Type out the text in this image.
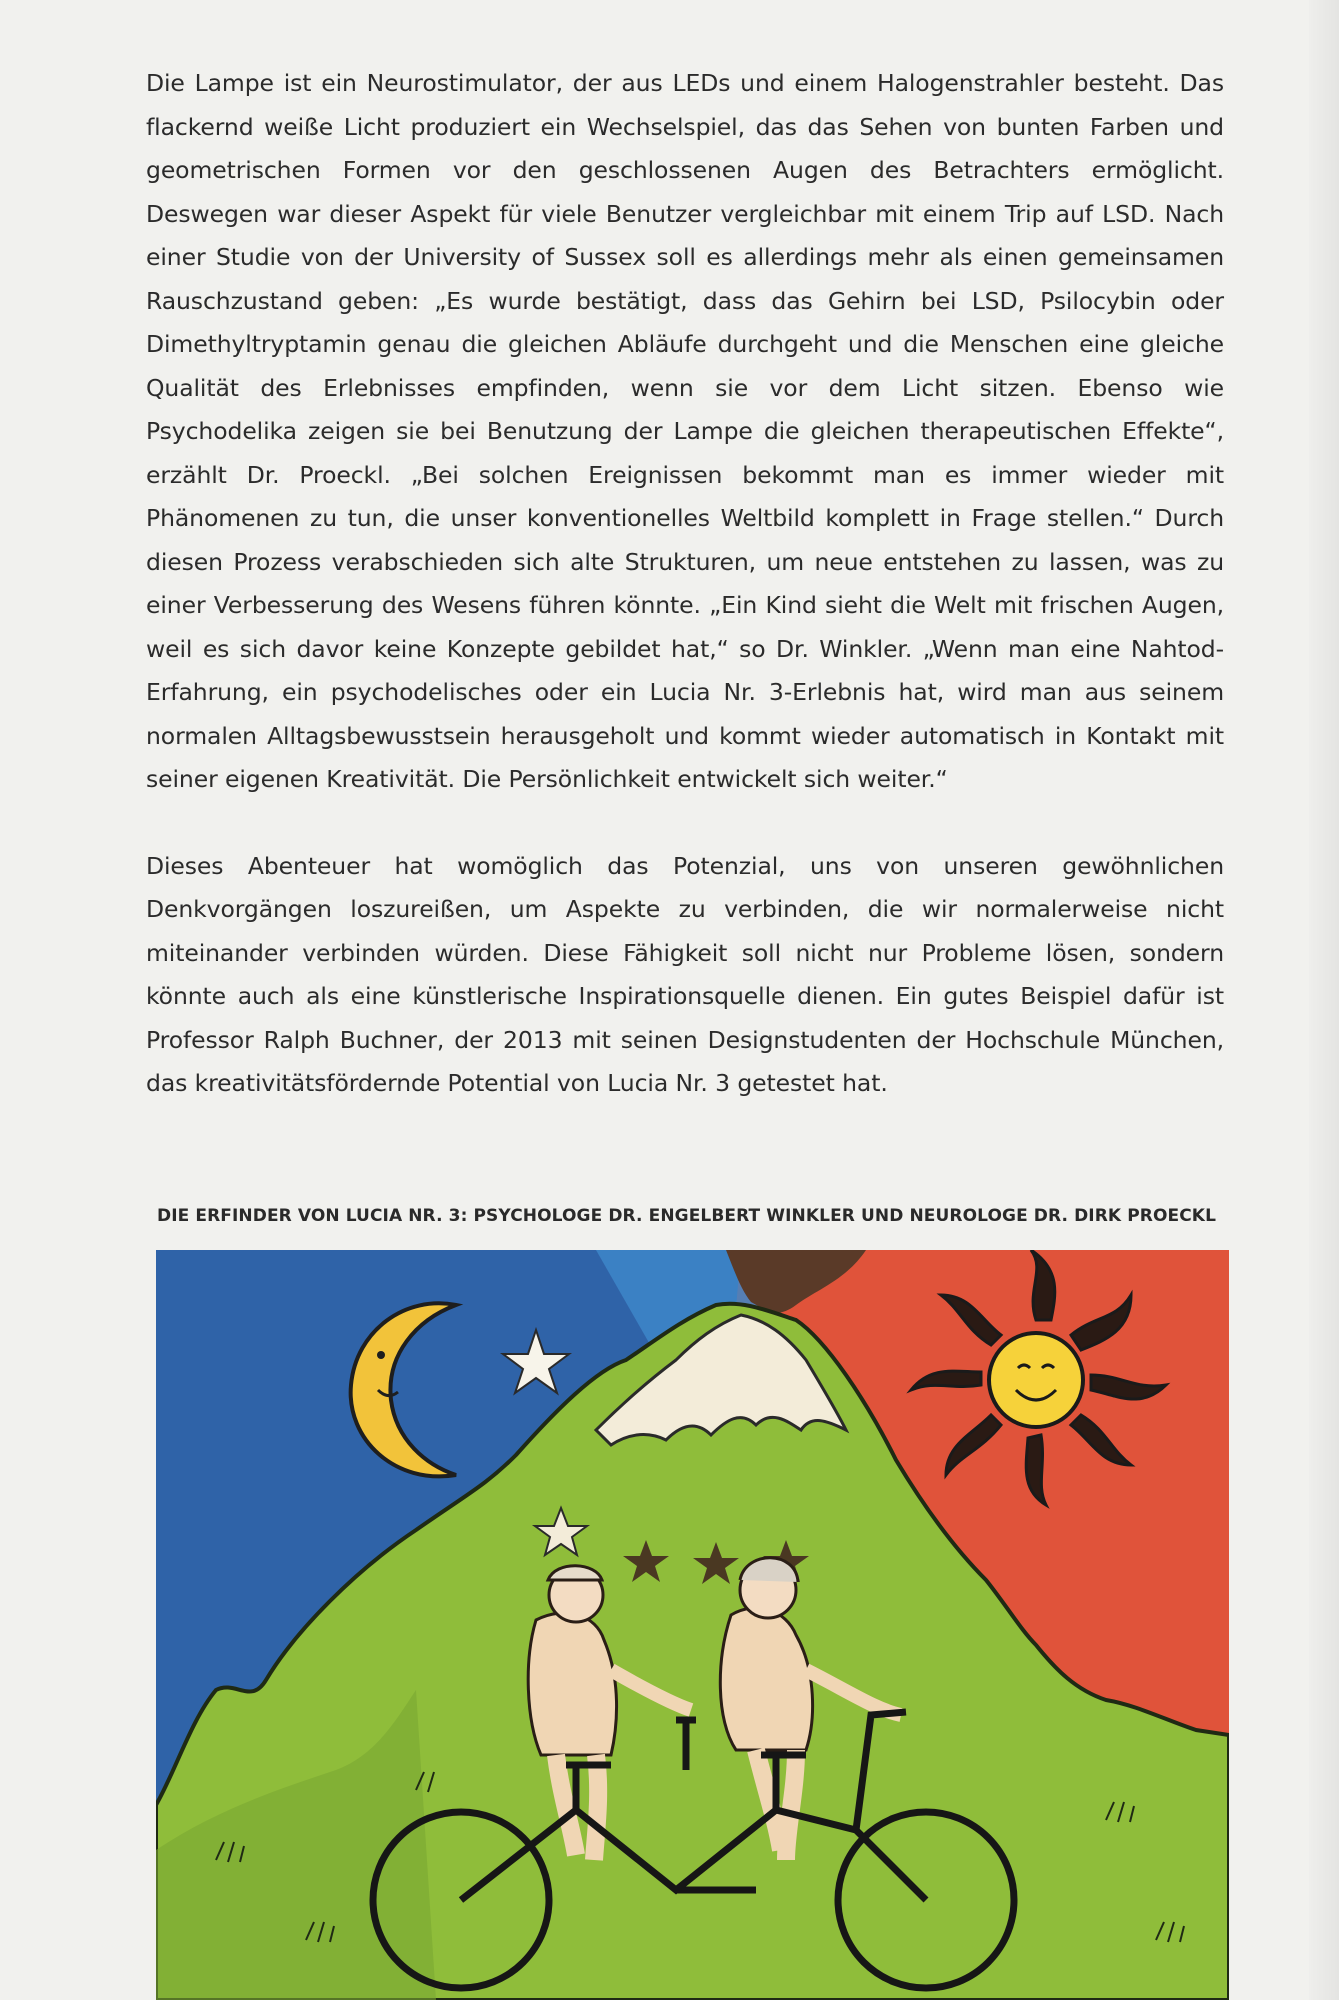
Die Lampe ist ein Neurostimulator, der aus LEDs und einem Halogenstrahler besteht. Das flackernd weiße Licht produziert ein Wechselspiel, das das Sehen von bunten Farben und geometrischen Formen vor den geschlossenen Augen des Betrachters ermöglicht. Deswegen war dieser Aspekt für viele Benutzer vergleichbar mit einem Trip auf LSD. Nach einer Studie von der University of Sussex soll es allerdings mehr als einen gemeinsamen Rauschzustand geben: „Es wurde bestätigt, dass das Gehirn bei LSD, Psilocybin oder Dimethyltryptamin genau die gleichen Abläufe durchgeht und die Menschen eine gleiche Qualität des Erlebnisses empfinden, wenn sie vor dem Licht sitzen. Ebenso wie Psychodelika zeigen sie bei Benutzung der Lampe die gleichen therapeutischen Effekte“, erzählt Dr. Proeckl. „Bei solchen Ereignissen bekommt man es immer wieder mit Phänomenen zu tun, die unser konventionelles Weltbild komplett in Frage stellen.“ Durch diesen Prozess verabschieden sich alte Strukturen, um neue entstehen zu lassen, was zu einer Verbesserung des Wesens führen könnte. „Ein Kind sieht die Welt mit frischen Augen, weil es sich davor keine Konzepte gebildet hat,“ so Dr. Winkler. „Wenn man eine Nahtod-Erfahrung, ein psychodelisches oder ein Lucia Nr. 3-Erlebnis hat, wird man aus seinem normalen Alltagsbewusstsein herausgeholt und kommt wieder automatisch in Kontakt mit seiner eigenen Kreativität. Die Persönlichkeit entwickelt sich weiter.“

Dieses Abenteuer hat womöglich das Potenzial, uns von unseren gewöhnlichen Denkvorgängen loszureißen, um Aspekte zu verbinden, die wir normalerweise nicht miteinander verbinden würden. Diese Fähigkeit soll nicht nur Probleme lösen, sondern könnte auch als eine künstlerische Inspirationsquelle dienen. Ein gutes Beispiel dafür ist Professor Ralph Buchner, der 2013 mit seinen Designstudenten der Hochschule München, das kreativitätsfördernde Potential von Lucia Nr. 3 getestet hat.

DIE ERFINDER VON LUCIA NR. 3: PSYCHOLOGE DR. ENGELBERT WINKLER UND NEUROLOGE DR. DIRK PROECKL
